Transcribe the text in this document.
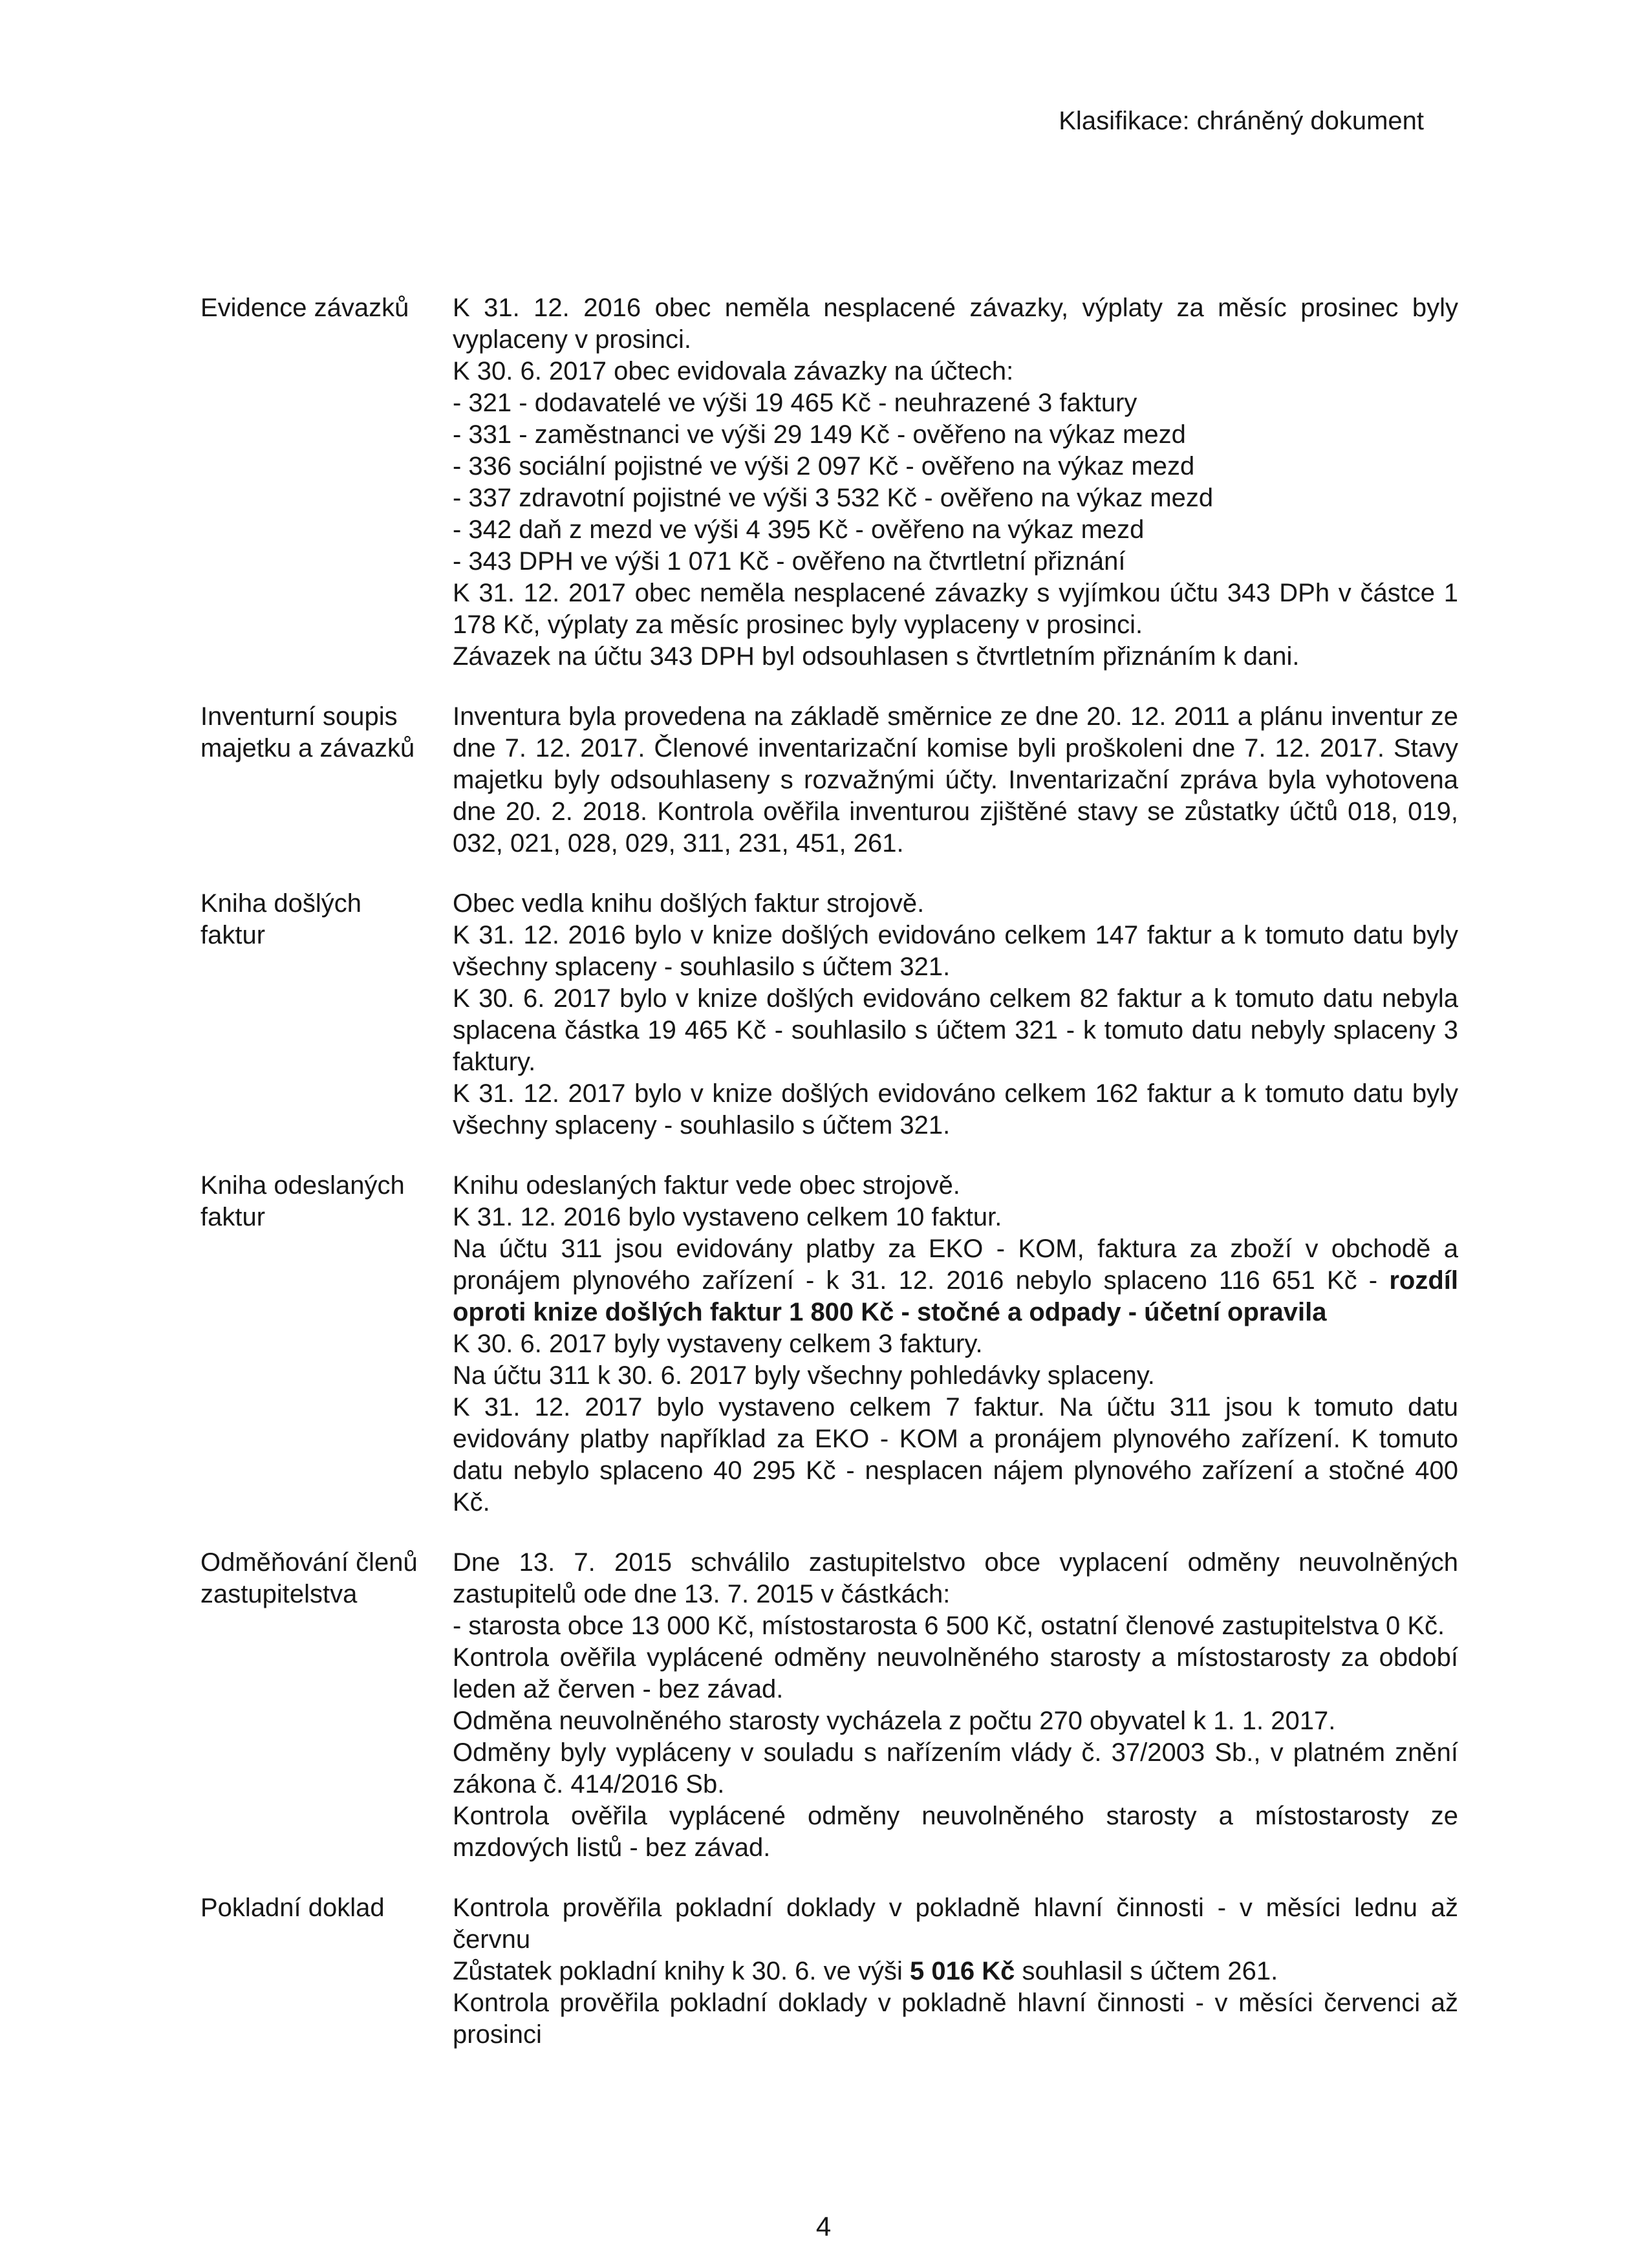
Klasifikace: chráněný dokument
Evidence závazků	K 31. 12. 2016 obec neměla nesplacené závazky, výplaty za měsíc prosinec byly vyplaceny v prosinci.

K 30. 6. 2017 obec evidovala závazky na účtech:

- 321 - dodavatelé ve výši 19 465 Kč - neuhrazené 3 faktury

- 331 - zaměstnanci ve výši 29 149 Kč - ověřeno na výkaz mezd

- 336 sociální pojistné ve výši 2 097 Kč - ověřeno na výkaz mezd

- 337 zdravotní pojistné ve výši 3 532 Kč - ověřeno na výkaz mezd

- 342 daň z mezd ve výši 4 395 Kč - ověřeno na výkaz mezd

- 343 DPH ve výši 1 071 Kč - ověřeno na čtvrtletní přiznání

K 31. 12. 2017 obec neměla nesplacené závazky s vyjímkou účtu 343 DPh v částce 1 178 Kč, výplaty za měsíc prosinec byly vyplaceny v prosinci.

Závazek na účtu 343 DPH byl odsouhlasen s čtvrtletním přiznáním k dani.

Inventurní soupis majetku a závazků

Inventura byla provedena na základě směrnice ze dne 20. 12. 2011 a plánu inventur ze dne 7. 12. 2017. Členové inventarizační komise byli proškoleni dne 7. 12. 2017. Stavy majetku byly odsouhlaseny s rozvažnými účty. Inventarizační zpráva byla vyhotovena dne 20. 2. 2018. Kontrola ověřila inventurou zjištěné stavy se zůstatky účtů 018, 019, 032, 021, 028, 029, 311, 231, 451, 261.

Kniha došlých faktur

Obec vedla knihu došlých faktur strojově.

K 31. 12. 2016 bylo v knize došlých evidováno celkem 147 faktur a k tomuto datu byly všechny splaceny - souhlasilo s účtem 321.

K 30. 6. 2017 bylo v knize došlých evidováno celkem 82 faktur a k tomuto datu nebyla splacena částka 19 465 Kč - souhlasilo s účtem 321 - k tomuto datu nebyly splaceny 3 faktury.

K 31. 12. 2017 bylo v knize došlých evidováno celkem 162 faktur a k tomuto datu byly všechny splaceny - souhlasilo s účtem 321.

Kniha odeslaných faktur

Knihu odeslaných faktur vede obec strojově.

K 31. 12. 2016 bylo vystaveno celkem 10 faktur.

Na účtu 311 jsou evidovány platby za EKO - KOM, faktura za zboží v obchodě a pronájem plynového zařízení - k 31. 12. 2016 nebylo splaceno 116 651 Kč - rozdíl oproti knize došlých faktur 1 800 Kč - stočné a odpady - účetní opravila

K 30. 6. 2017 byly vystaveny celkem 3 faktury.

Na účtu 311 k 30. 6. 2017 byly všechny pohledávky splaceny.

K 31. 12. 2017 bylo vystaveno celkem 7 faktur. Na účtu 311 jsou k tomuto datu evidovány platby například za EKO - KOM a pronájem plynového zařízení. K tomuto datu nebylo splaceno 40 295 Kč - nesplacen nájem plynového zařízení a stočné 400 Kč.

Odměňování členů zastupitelstva

Dne 13. 7. 2015 schválilo zastupitelstvo obce vyplacení odměny neuvolněných zastupitelů ode dne 13. 7. 2015 v částkách:

- starosta obce 13 000 Kč, místostarosta 6 500 Kč, ostatní členové zastupitelstva 0 Kč.

Kontrola ověřila vyplácené odměny neuvolněného starosty a místostarosty za období leden až červen - bez závad.

Odměna neuvolněného starosty vycházela z počtu 270 obyvatel k 1. 1. 2017.

Odměny byly vypláceny v souladu s nařízením vlády č. 37/2003 Sb., v platném znění zákona č. 414/2016 Sb.

Kontrola ověřila vyplácené odměny neuvolněného starosty a místostarosty ze mzdových listů - bez závad.

Pokladní doklad	Kontrola prověřila pokladní doklady v pokladně hlavní činnosti - v měsíci lednu až červnu

Zůstatek pokladní knihy k 30. 6. ve výši 5 016 Kč souhlasil s účtem 261.

Kontrola prověřila pokladní doklady v pokladně hlavní činnosti - v měsíci červenci až prosinci

4
